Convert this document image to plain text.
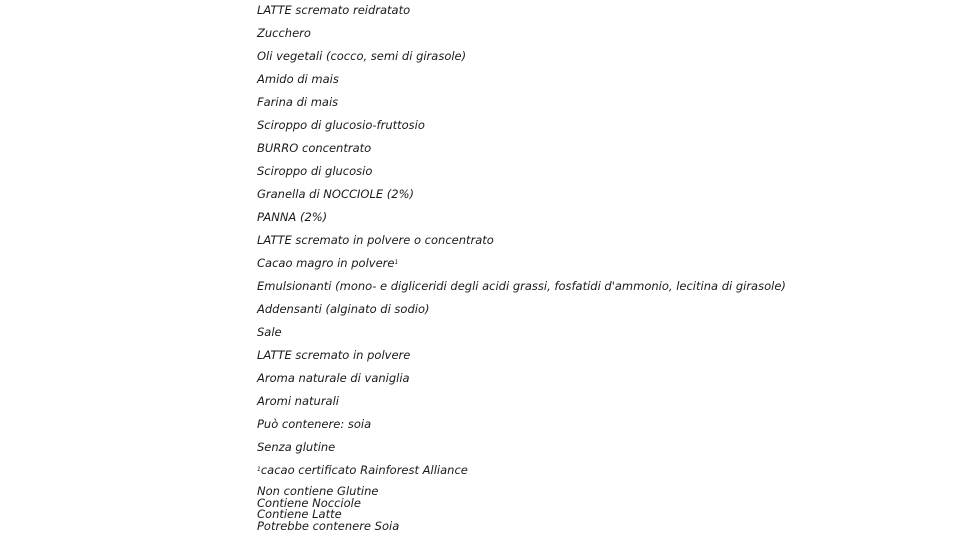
LATTE scremato reidratato
Zucchero
Oli vegetali (cocco, semi di girasole)
Amido di mais
Farina di mais
Sciroppo di glucosio-fruttosio
BURRO concentrato
Sciroppo di glucosio
Granella di NOCCIOLE (2%)
PANNA (2%)
LATTE scremato in polvere o concentrato
Cacao magro in polvere$^1$
Emulsionanti (mono- e digliceridi degli acidi grassi, fosfatidi d'ammonio, lecitina di girasole)
Addensanti (alginato di sodio)
Sale
LATTE scremato in polvere
Aroma naturale di vaniglia
Aromi naturali
Può contenere: soia
Senza glutine
$^1$cacao certificato Rainforest Alliance
Non contiene Glutine
Contiene Nocciole
Contiene Latte
Potrebbe contenere Soia
